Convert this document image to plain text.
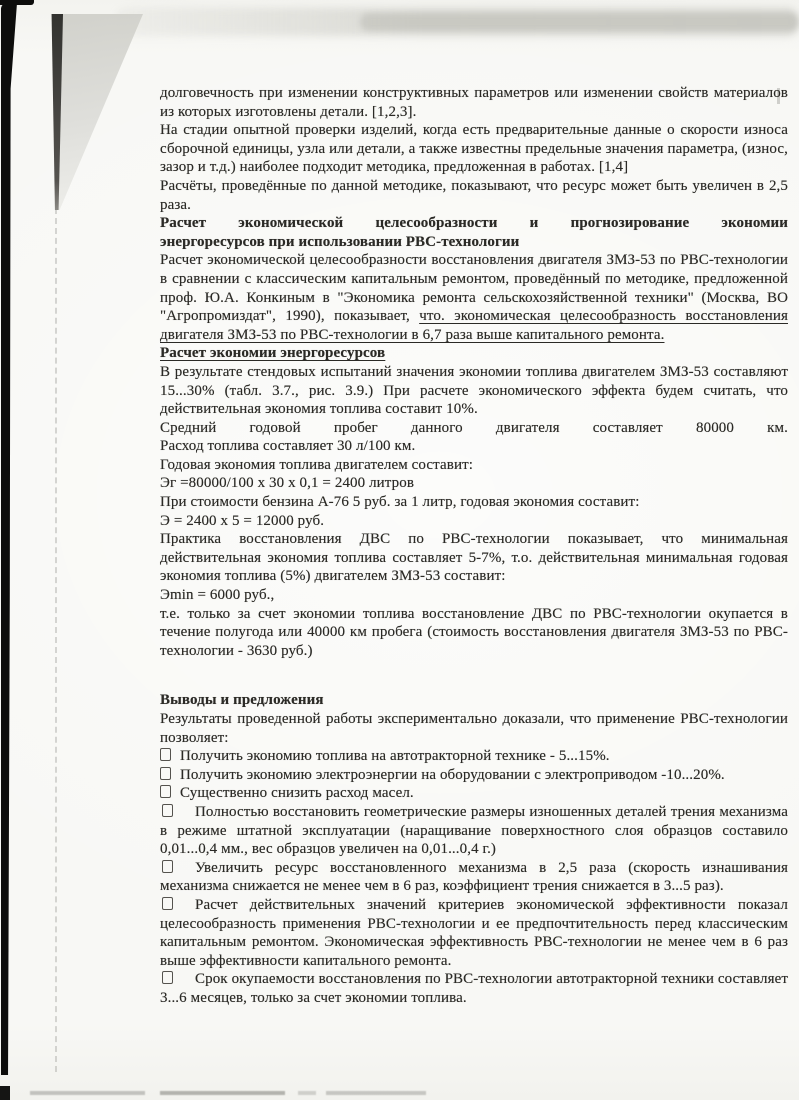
долговечность при изменении конструктивных параметров или изменении свойств материалов из которых изготовлены детали. [1,2,3].
На стадии опытной проверки изделий, когда есть предварительные данные о скорости износа сборочной единицы, узла или детали, а также известны предельные значения параметра, (износ, зазор и т.д.) наиболее подходит методика, предложенная в работах. [1,4]
Расчёты, проведённые по данной методике, показывают, что ресурс может быть увеличен в 2,5 раза.
Расчет экономической целесообразности и прогнозирование экономии
энергоресурсов при использовании РВС-технологии
Расчет экономической целесообразности восстановления двигателя ЗМЗ-53 по РВС-технологии в сравнении с классическим капитальным ремонтом, проведённый по методике, предложенной проф. Ю.А. Конкиным в "Экономика ремонта сельскохозяйственной техники" (Москва, ВО "Агропромиздат", 1990), показывает, что. экономическая целесообразность восстановления двигателя ЗМЗ-53 по РВС-технологии в 6,7 раза выше капитального ремонта.
Расчет экономии энергоресурсов
В результате стендовых испытаний значения экономии топлива двигателем ЗМЗ-53 составляют 15...30% (табл. 3.7., рис. 3.9.) При расчете экономического эффекта будем считать, что действительная экономия топлива составит 10%.
Средний годовой пробег данного двигателя составляет 80000 км.
Расход топлива составляет 30 л/100 км.
Годовая экономия топлива двигателем составит:
Эг =80000/100 х 30 х 0,1 = 2400 литров
При стоимости бензина А-76 5 руб. за 1 литр, годовая экономия составит:
Э = 2400 х 5 = 12000 руб.
Практика восстановления ДВС по РВС-технологии показывает, что минимальная действительная экономия топлива составляет 5-7%, т.о. действительная минимальная годовая экономия топлива (5%) двигателем ЗМЗ-53 составит:
Эmin = 6000 руб.,
т.е. только за счет экономии топлива восстановление ДВС по РВС-технологии окупается в течение полугода или 40000 км пробега (стоимость восстановления двигателя ЗМЗ-53 по РВС-технологии - 3630 руб.)
Выводы и предложения
Результаты проведенной работы экспериментально доказали, что применение РВС-технологии позволяет:
Получить экономию топлива на автотракторной технике - 5...15%.
Получить экономию электроэнергии на оборудовании с электроприводом -10...20%.
Существенно снизить расход масел.
Полностью восстановить геометрические размеры изношенных деталей трения механизма в режиме штатной эксплуатации (наращивание поверхностного слоя образцов составило 0,01...0,4 мм., вес образцов увеличен на 0,01...0,4 г.)
Увеличить ресурс восстановленного механизма в 2,5 раза (скорость изнашивания механизма снижается не менее чем в 6 раз, коэффициент трения снижается в 3...5 раз).
Расчет действительных значений критериев экономической эффективности показал целесообразность применения РВС-технологии и ее предпочтительность перед классическим капитальным ремонтом. Экономическая эффективность РВС-технологии не менее чем в 6 раз выше эффективности капитального ремонта.
Срок окупаемости восстановления по РВС-технологии автотракторной техники составляет 3...6 месяцев, только за счет экономии топлива.
